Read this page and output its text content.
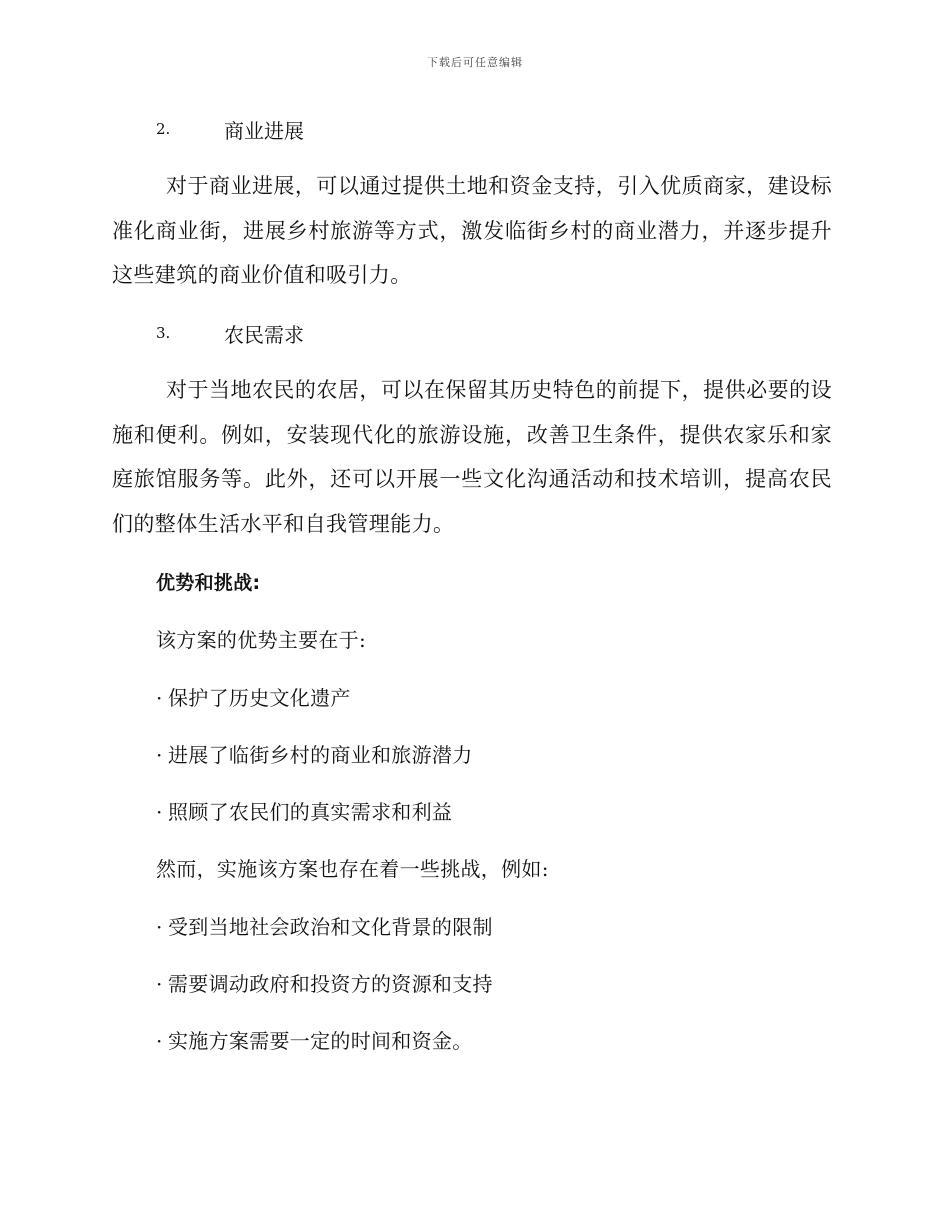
下载后可任意编辑
2.	商业进展
对于商业进展，可以通过提供土地和资金支持，引入优质商家，建设标准化商业街，进展乡村旅游等方式，激发临街乡村的商业潜力，并逐步提升这些建筑的商业价值和吸引力。
3.	农民需求
对于当地农民的农居，可以在保留其历史特色的前提下，提供必要的设施和便利。例如，安装现代化的旅游设施，改善卫生条件，提供农家乐和家庭旅馆服务等。此外，还可以开展一些文化沟通活动和技术培训，提高农民们的整体生活水平和自我管理能力。
优势和挑战:
该方案的优势主要在于:
· 保护了历史文化遗产
· 进展了临街乡村的商业和旅游潜力
· 照顾了农民们的真实需求和利益
然而，实施该方案也存在着一些挑战，例如:
· 受到当地社会政治和文化背景的限制
· 需要调动政府和投资方的资源和支持
· 实施方案需要一定的时间和资金。
